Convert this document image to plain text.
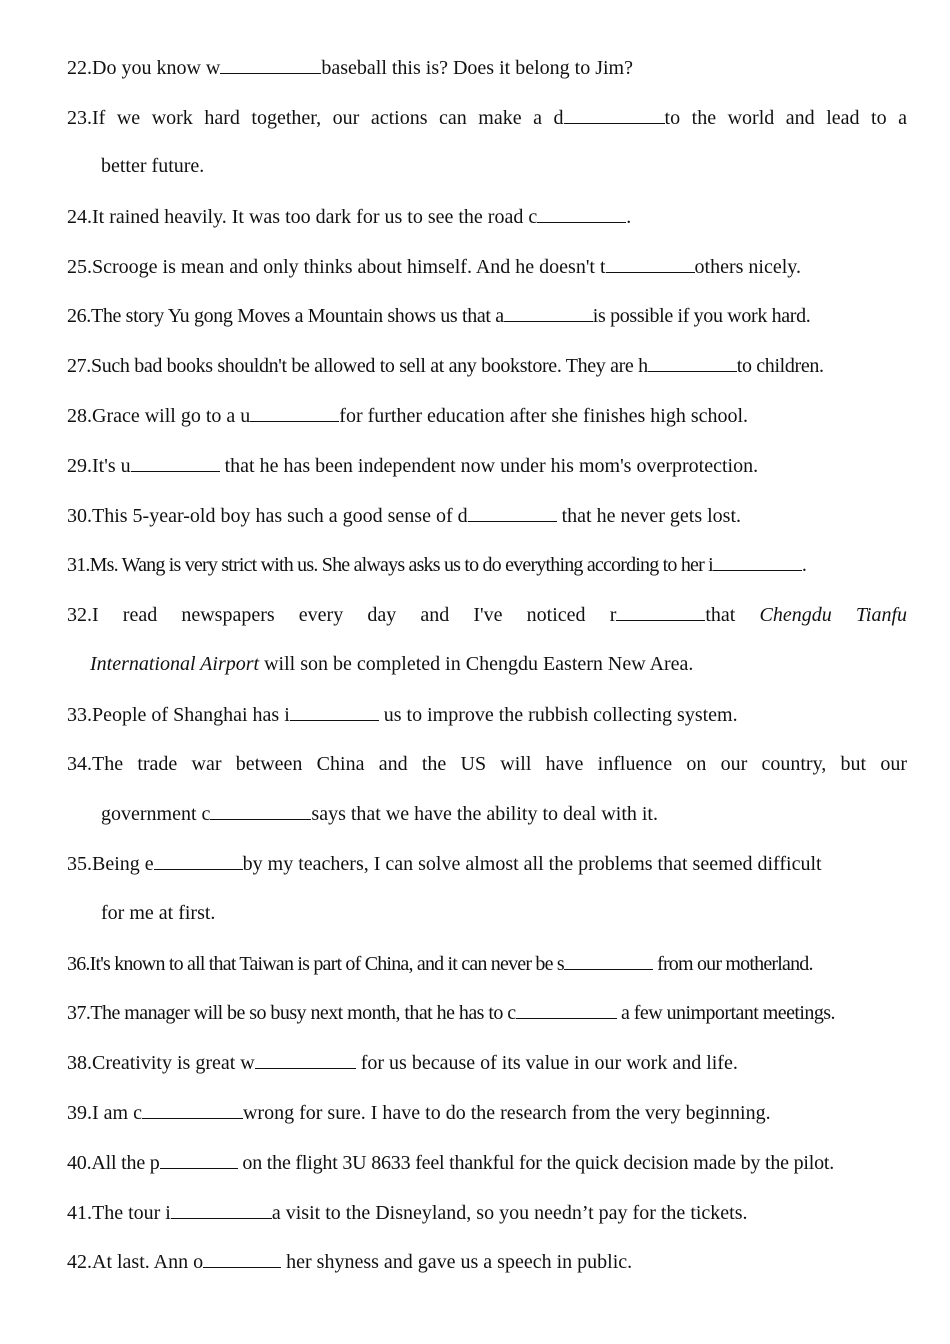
22.Do you know w	baseball this is? Does it belong to Jim?
23.If we work hard together, our actions can make a d	to the world and lead to a
better future.
24.It rained heavily. It was too dark for us to see the road c	.
25.Scrooge is mean and only thinks about himself. And he doesn't t	others nicely.
26.The story Yu gong Moves a Mountain shows us that a	is possible if you work hard.
27.Such bad books shouldn't be allowed to sell at any bookstore. They are h	to children.
28.Grace will go to a u	for further education after she finishes high school.
29.It's u	that he has been independent now under his mom's overprotection.
30.This 5-year-old boy has such a good sense of d	that he never gets lost.
31.Ms. Wang is very strict with us. She always asks us to do everything according to her i	.
32.I read newspapers every day and I've noticed r	that Chengdu Tianfu
International Airport will son be completed in Chengdu Eastern New Area.
33.People of Shanghai has i	us to improve the rubbish collecting system.
34.The trade war between China and the US will have influence on our country, but our
government c	says that we have the ability to deal with it.
35.Being e	by my teachers, I can solve almost all the problems that seemed difficult
for me at first.
36.It's known to all that Taiwan is part of China, and it can never be s	from our motherland.
37.The manager will be so busy next month, that he has to c	a few unimportant meetings.
38.Creativity is great w	for us because of its value in our work and life.
39.I am c	wrong for sure. I have to do the research from the very beginning.
40.All the p	on the flight 3U 8633 feel thankful for the quick decision made by the pilot.
41.The tour i	a visit to the Disneyland, so you needn’t pay for the tickets.
42.At last. Ann o	her shyness and gave us a speech in public.
